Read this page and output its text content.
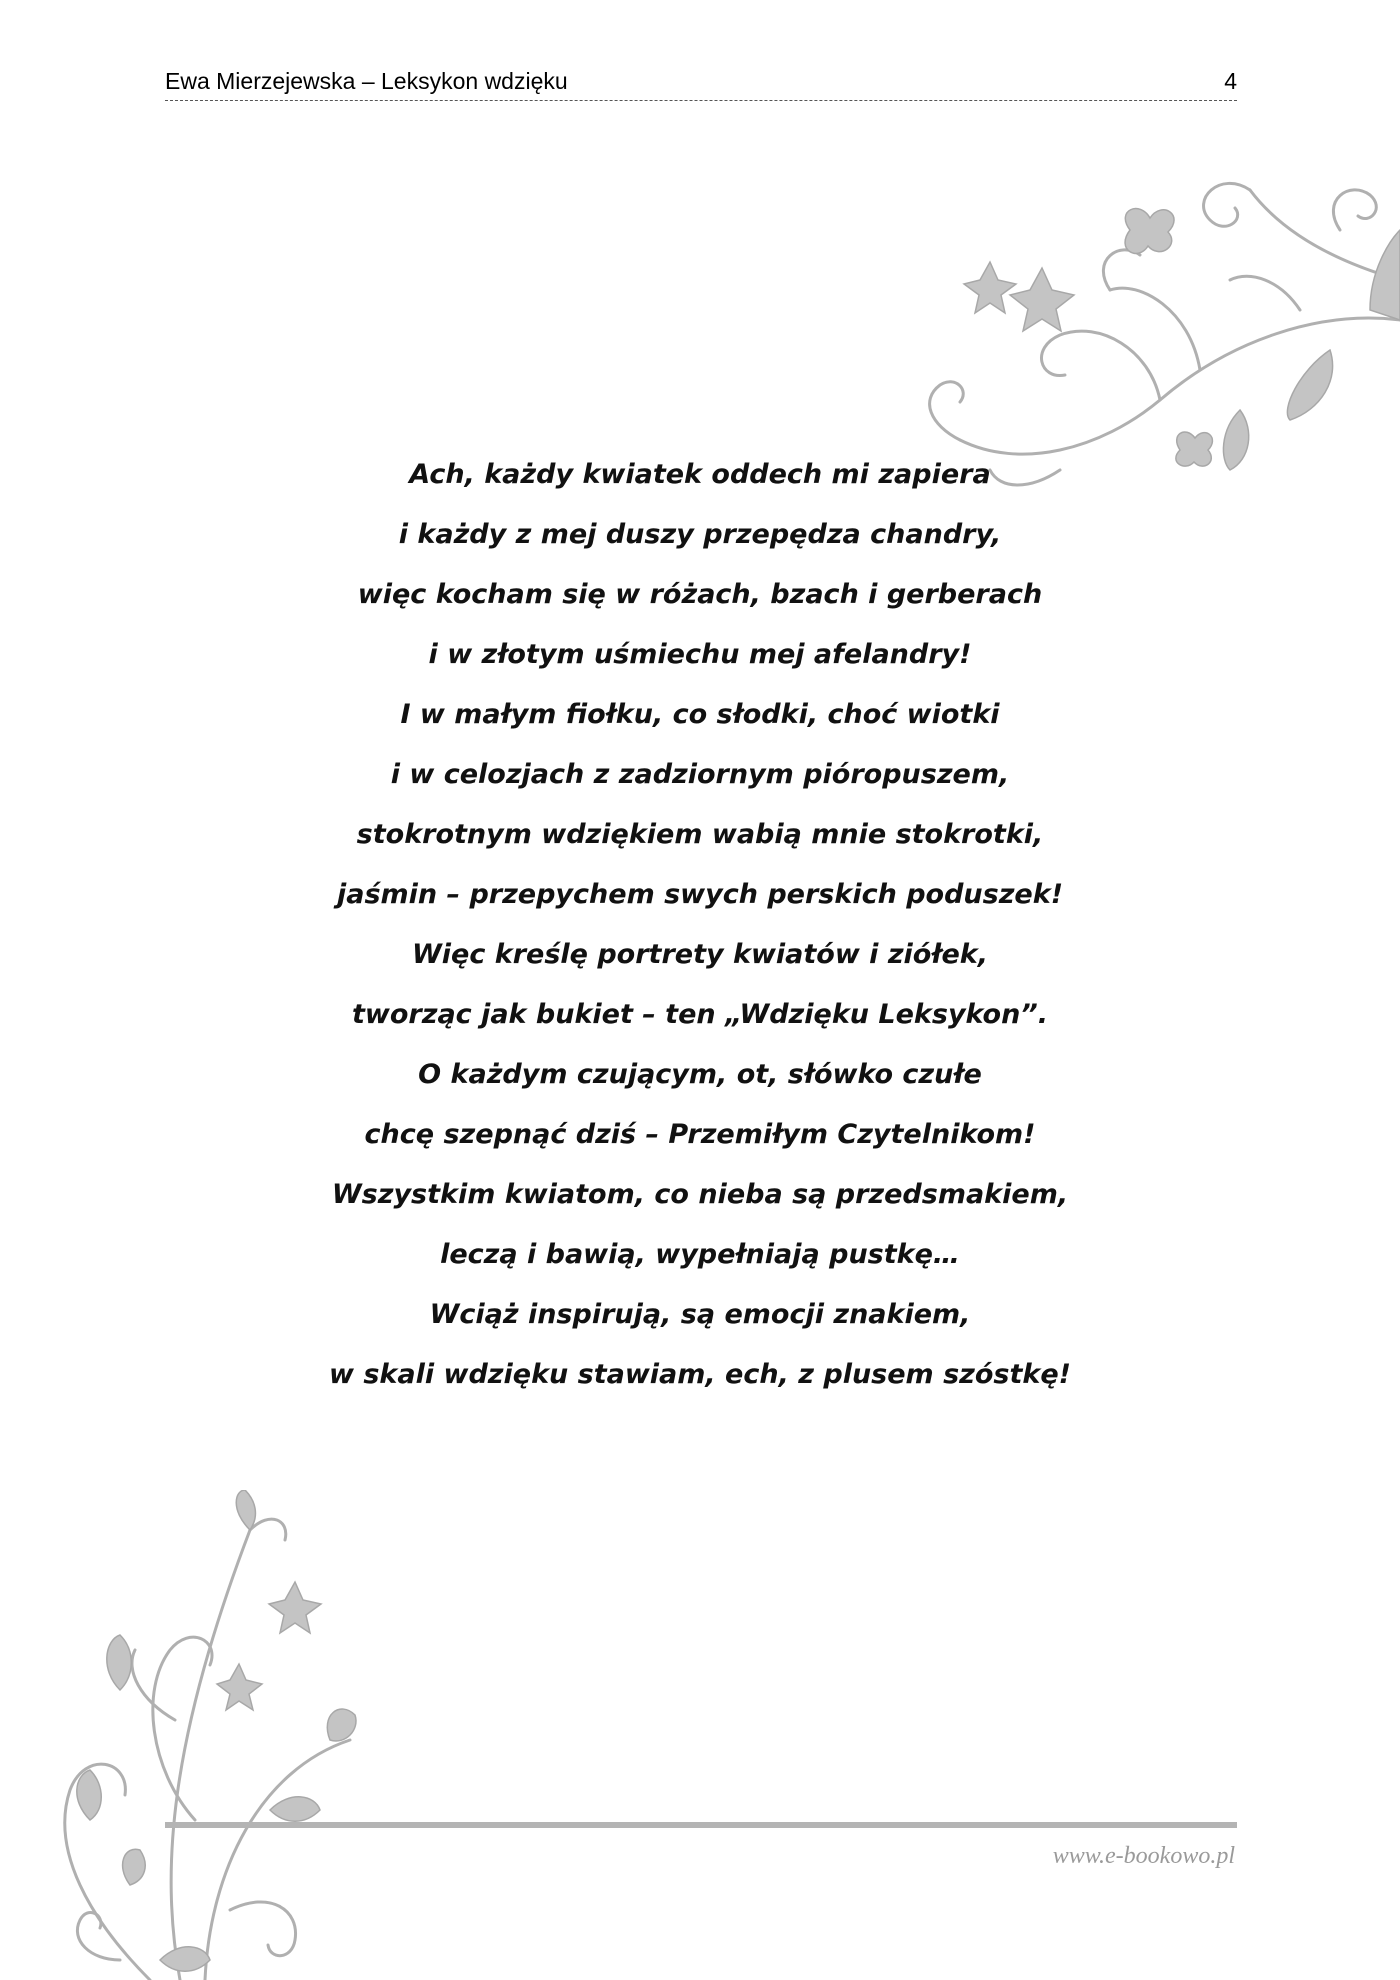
Ewa Mierzejewska – Leksykon wdzięku	4
Ach, każdy kwiatek oddech mi zapiera
i każdy z mej duszy przepędza chandry,
więc kocham się w różach, bzach i gerberach
i w złotym uśmiechu mej afelandry!
I w małym fiołku, co słodki, choć wiotki
i w celozjach z zadziornym pióropuszem,
stokrotnym wdziękiem wabią mnie stokrotki,
jaśmin – przepychem swych perskich poduszek!
Więc kreślę portrety kwiatów i ziółek,
tworząc jak bukiet – ten „Wdzięku Leksykon”.
O każdym czującym, ot, słówko czułe
chcę szepnąć dziś – Przemiłym Czytelnikom!
Wszystkim kwiatom, co nieba są przedsmakiem,
leczą i bawią, wypełniają pustkę…
Wciąż inspirują, są emocji znakiem,
w skali wdzięku stawiam, ech, z plusem szóstkę!
www.e-bookowo.pl
